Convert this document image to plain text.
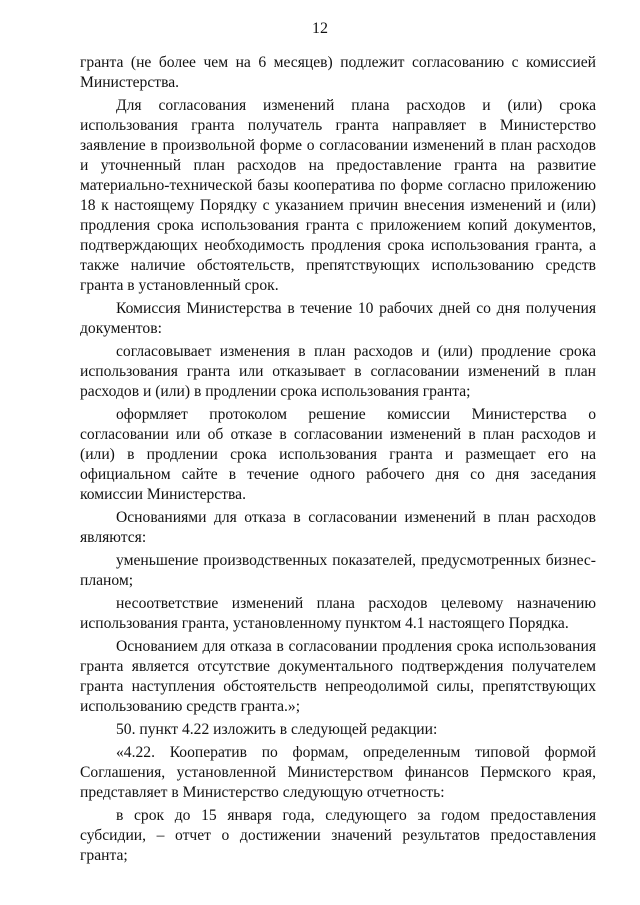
12

гранта (не более чем на 6 месяцев) подлежит согласованию с комиссией Министерства.

Для согласования изменений плана расходов и (или) срока использования гранта получатель гранта направляет в Министерство заявление в произвольной форме о согласовании изменений в план расходов и уточненный план расходов на предоставление гранта на развитие материально-технической базы кооператива по форме согласно приложению 18 к настоящему Порядку с указанием причин внесения изменений и (или) продления срока использования гранта с приложением копий документов, подтверждающих необходимость продления срока использования гранта, а также наличие обстоятельств, препятствующих использованию средств гранта в установленный срок.

Комиссия Министерства в течение 10 рабочих дней со дня получения документов:

согласовывает изменения в план расходов и (или) продление срока использования гранта или отказывает в согласовании изменений в план расходов и (или) в продлении срока использования гранта;

оформляет протоколом решение комиссии Министерства о согласовании или об отказе в согласовании изменений в план расходов и (или) в продлении срока использования гранта и размещает его на официальном сайте в течение одного рабочего дня со дня заседания комиссии Министерства.

Основаниями для отказа в согласовании изменений в план расходов являются:

уменьшение производственных показателей, предусмотренных бизнес-планом;

несоответствие изменений плана расходов целевому назначению использования гранта, установленному пунктом 4.1 настоящего Порядка.

Основанием для отказа в согласовании продления срока использования гранта является отсутствие документального подтверждения получателем гранта наступления обстоятельств непреодолимой силы, препятствующих использованию средств гранта.»;

50. пункт 4.22 изложить в следующей редакции:

«4.22. Кооператив по формам, определенным типовой формой Соглашения, установленной Министерством финансов Пермского края, представляет в Министерство следующую отчетность:

в срок до 15 января года, следующего за годом предоставления субсидии, – отчет о достижении значений результатов предоставления гранта;
